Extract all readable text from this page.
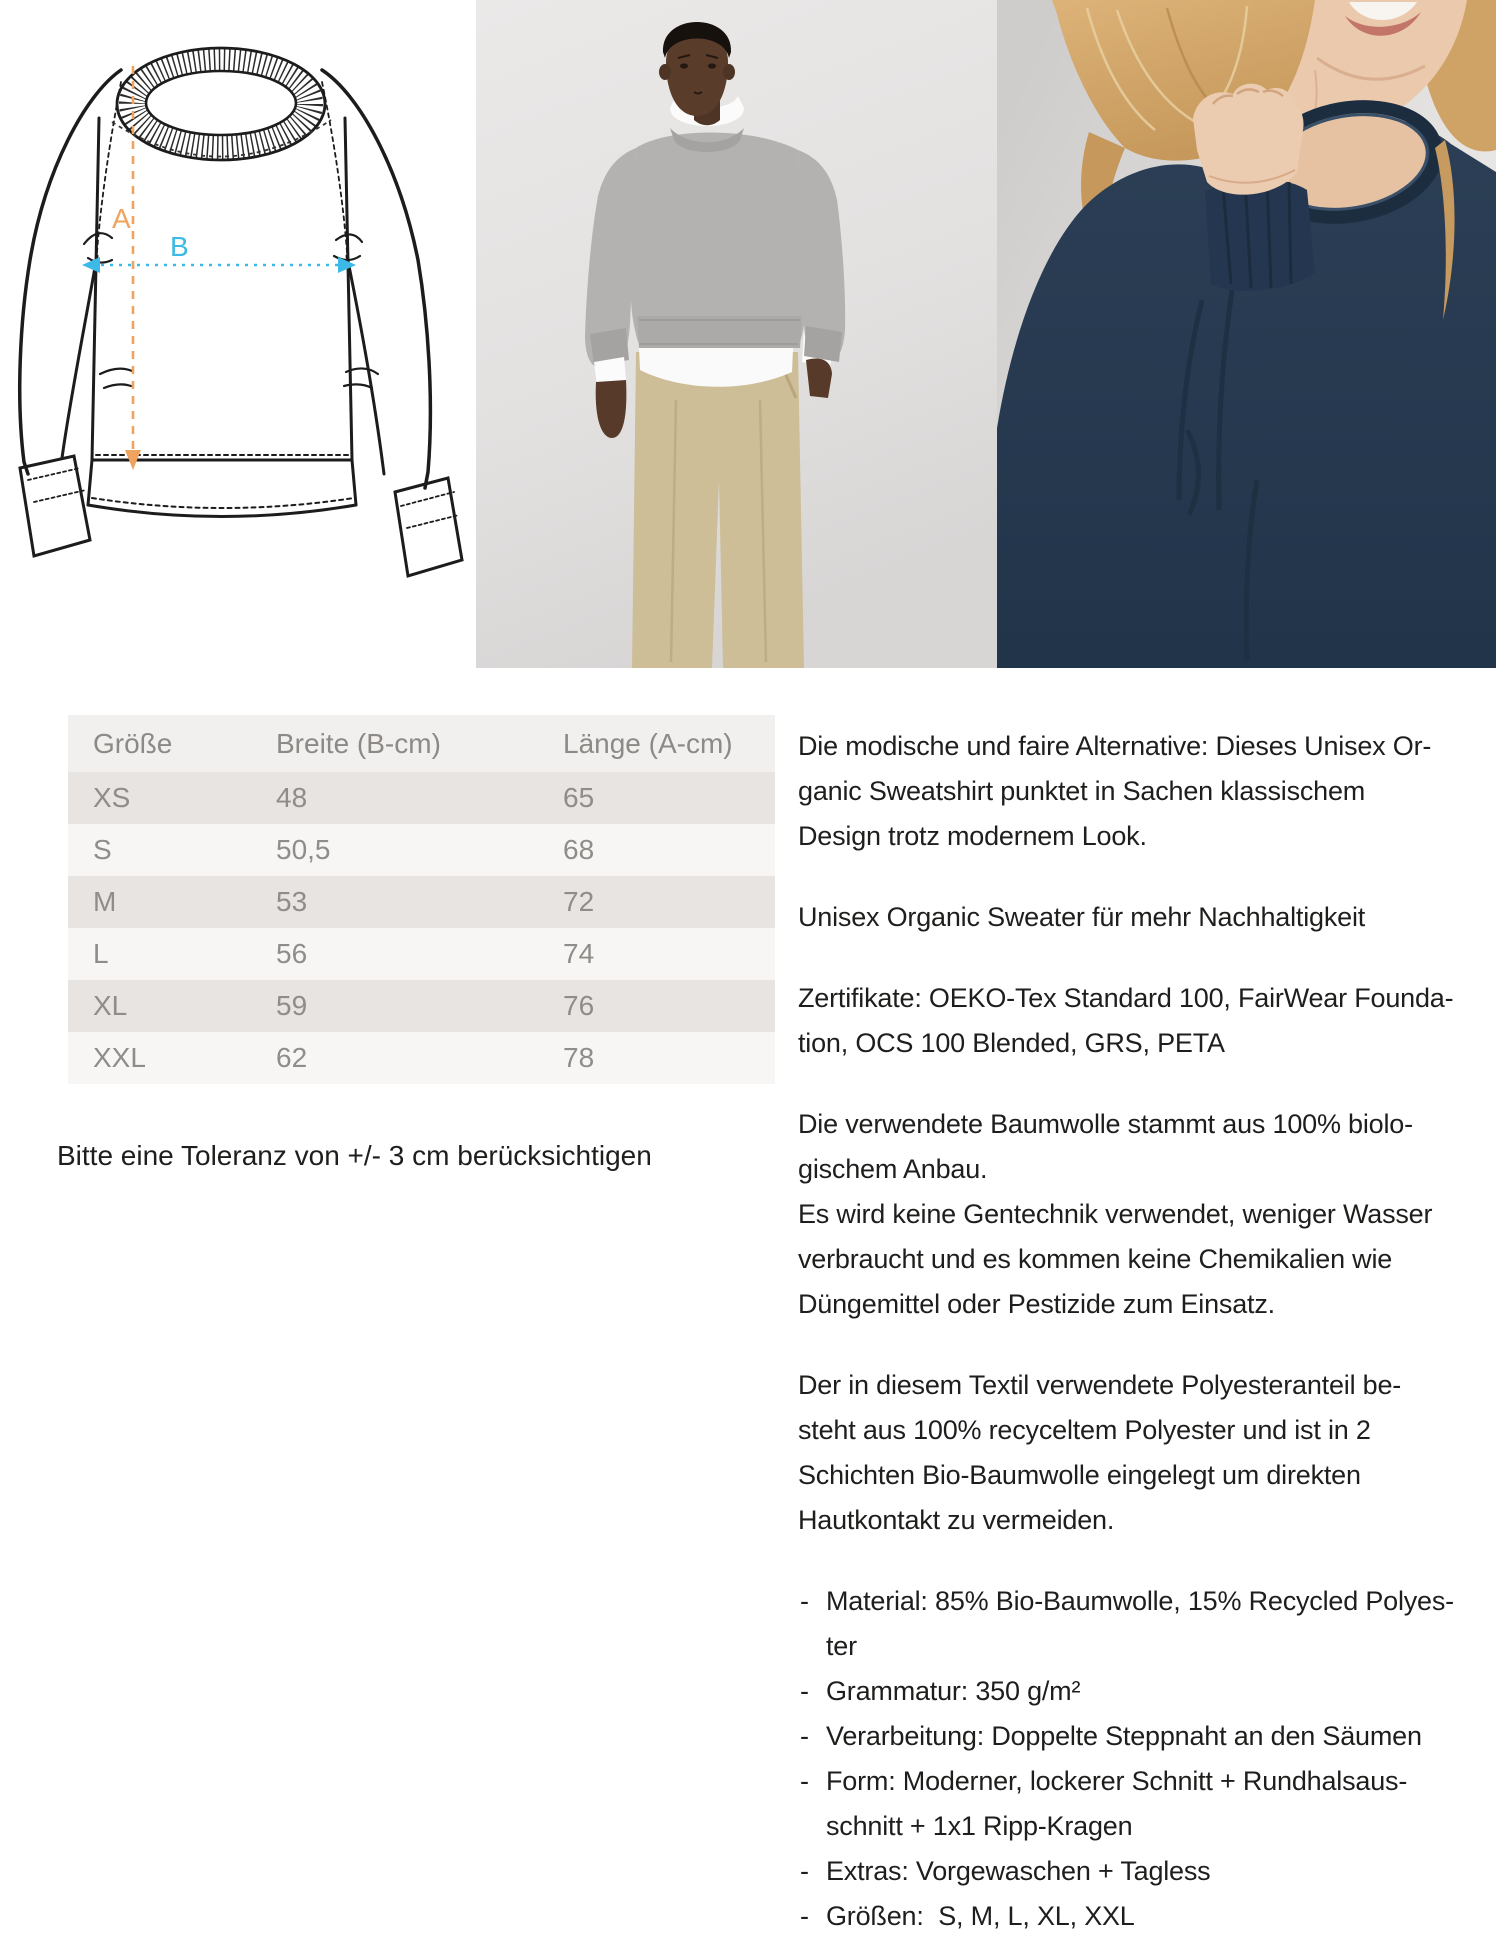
A
B
Größe	Breite (B-cm)	Länge (A-cm)
XS	48	65
S	50,5	68
M	53	72
L	56	74
XL	59	76
XXL	62	78
Bitte eine Toleranz von +/- 3 cm berücksichtigen
Die modische und faire Alternative: Dieses Unisex Or-
ganic Sweatshirt punktet in Sachen klassischem
Design trotz modernem Look.
Unisex Organic Sweater für mehr Nachhaltigkeit
Zertifikate: OEKO-Tex Standard 100, FairWear Founda-
tion, OCS 100 Blended, GRS, PETA
Die verwendete Baumwolle stammt aus 100% biolo-
gischem Anbau.
Es wird keine Gentechnik verwendet, weniger Wasser
verbraucht und es kommen keine Chemikalien wie
Düngemittel oder Pestizide zum Einsatz.
Der in diesem Textil verwendete Polyesteranteil be-
steht aus 100% recyceltem Polyester und ist in 2
Schichten Bio-Baumwolle eingelegt um direkten
Hautkontakt zu vermeiden.
- Material: 85% Bio-Baumwolle, 15% Recycled Polyes-
ter
- Grammatur: 350 g/m²
- Verarbeitung: Doppelte Steppnaht an den Säumen
- Form: Moderner, lockerer Schnitt + Rundhalsaus-
schnitt + 1x1 Ripp-Kragen
- Extras: Vorgewaschen + Tagless
- Größen:  S, M, L, XL, XXL
